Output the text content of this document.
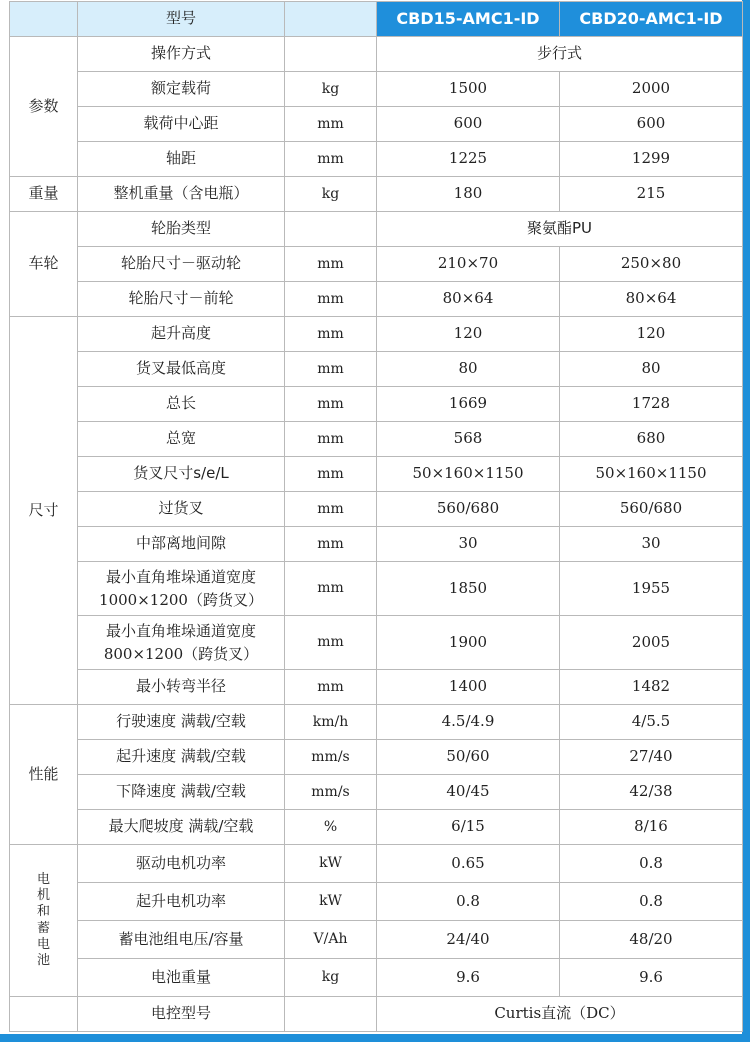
	型号		CBD15-AMC1-ID	CBD20-AMC1-ID
参数	操作方式		步行式	
	额定载荷	kg	1500	2000
	载荷中心距	mm	600	600
	轴距	mm	1225	1299
重量	整机重量（含电瓶）	kg	180	215
车轮	轮胎类型		聚氨酯PU	
	轮胎尺寸－驱动轮	mm	210×70	250×80
	轮胎尺寸－前轮	mm	80×64	80×64
尺寸	起升高度	mm	120	120
	货叉最低高度	mm	80	80
	总长	mm	1669	1728
	总宽	mm	568	680
	货叉尺寸s/e/L	mm	50×160×1150	50×160×1150
	过货叉	mm	560/680	560/680
	中部离地间隙	mm	30	30
	最小直角堆垛通道宽度
1000×1200（跨货叉）	mm	1850	1955
	最小直角堆垛通道宽度
800×1200（跨货叉）	mm	1900	2005
	最小转弯半径	mm	1400	1482
性能	行驶速度 满载/空载	km/h	4.5/4.9	4/5.5
	起升速度 满载/空载	mm/s	50/60	27/40
	下降速度 满载/空载	mm/s	40/45	42/38
	最大爬坡度 满载/空载	%	6/15	8/16
电机和蓄电池	驱动电机功率	kW	0.65	0.8
	起升电机功率	kW	0.8	0.8
	蓄电池组电压/容量	V/Ah	24/40	48/20
	电池重量	kg	9.6	9.6
	电控型号		Curtis直流（DC）	
